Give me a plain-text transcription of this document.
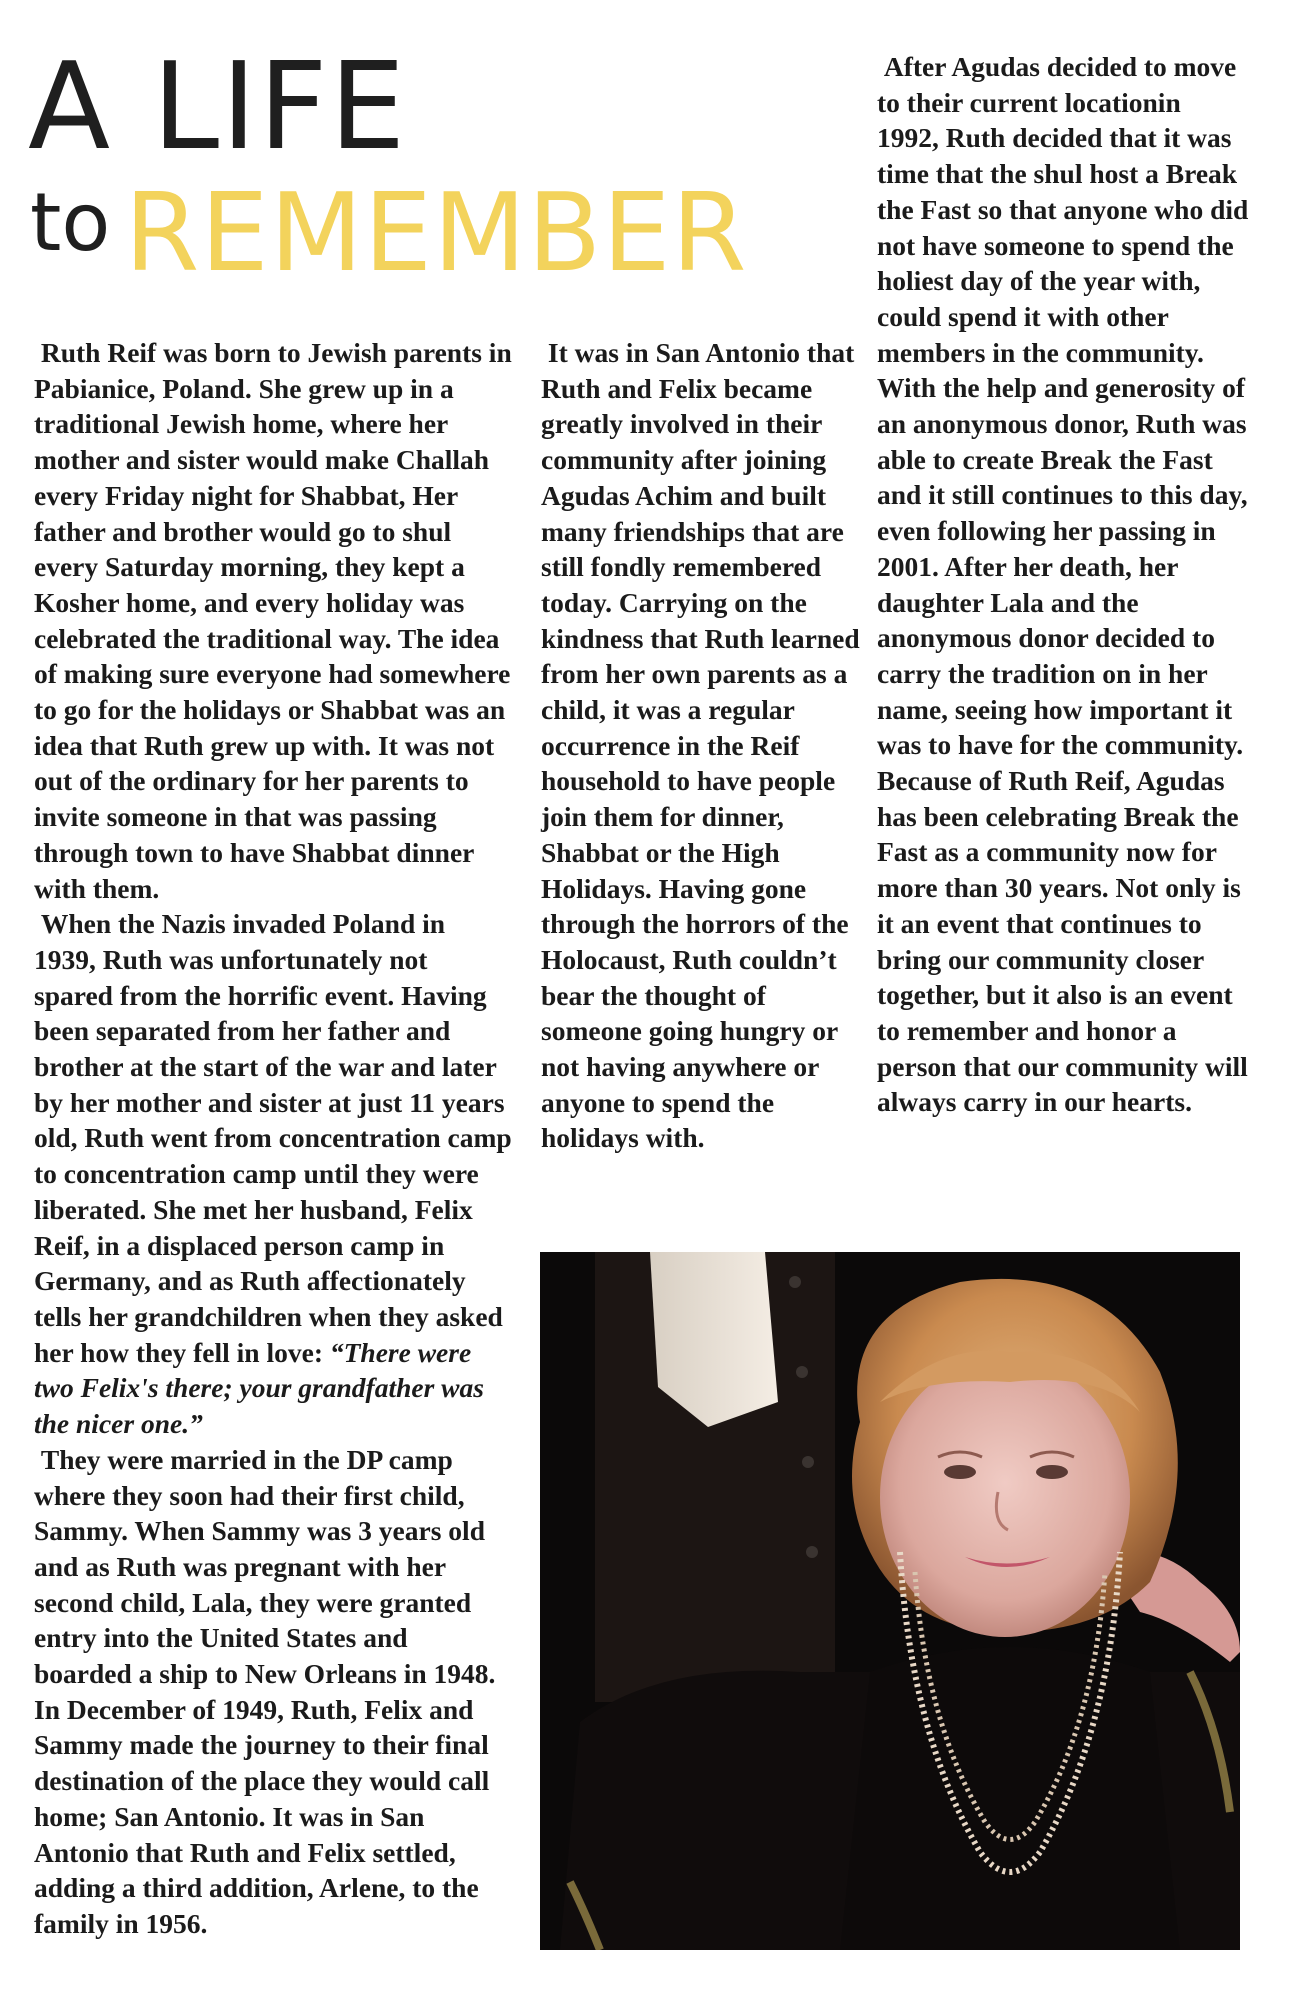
A LIFE
to REMEMBER

Ruth Reif was born to Jewish parents in Pabianice, Poland. She grew up in a traditional Jewish home, where her mother and sister would make Challah every Friday night for Shabbat, Her father and brother would go to shul every Saturday morning, they kept a Kosher home, and every holiday was celebrated the traditional way. The idea of making sure everyone had somewhere to go for the holidays or Shabbat was an idea that Ruth grew up with. It was not out of the ordinary for her parents to invite someone in that was passing through town to have Shabbat dinner with them.

When the Nazis invaded Poland in 1939, Ruth was unfortunately not spared from the horrific event. Having been separated from her father and brother at the start of the war and later by her mother and sister at just 11 years old, Ruth went from concentration camp to concentration camp until they were liberated. She met her husband, Felix Reif, in a displaced person camp in Germany, and as Ruth affectionately tells her grandchildren when they asked her how they fell in love: “There were two Felix's there; your grandfather was the nicer one.”

They were married in the DP camp where they soon had their first child, Sammy. When Sammy was 3 years old and as Ruth was pregnant with her second child, Lala, they were granted entry into the United States and boarded a ship to New Orleans in 1948. In December of 1949, Ruth, Felix and Sammy made the journey to their final destination of the place they would call home; San Antonio. It was in San Antonio that Ruth and Felix settled, adding a third addition, Arlene, to the family in 1956.

It was in San Antonio that Ruth and Felix became greatly involved in their community after joining Agudas Achim and built many friendships that are still fondly remembered today. Carrying on the kindness that Ruth learned from her own parents as a child, it was a regular occurrence in the Reif household to have people join them for dinner, Shabbat or the High Holidays. Having gone through the horrors of the Holocaust, Ruth couldn’t bear the thought of someone going hungry or not having anywhere or anyone to spend the holidays with.

After Agudas decided to move to their current locationin 1992, Ruth decided that it was time that the shul host a Break the Fast so that anyone who did not have someone to spend the holiest day of the year with, could spend it with other members in the community. With the help and generosity of an anonymous donor, Ruth was able to create Break the Fast and it still continues to this day, even following her passing in 2001. After her death, her daughter Lala and the anonymous donor decided to carry the tradition on in her name, seeing how important it was to have for the community.

Because of Ruth Reif, Agudas has been celebrating Break the Fast as a community now for more than 30 years. Not only is it an event that continues to bring our community closer together, but it also is an event to remember and honor a person that our community will always carry in our hearts.
